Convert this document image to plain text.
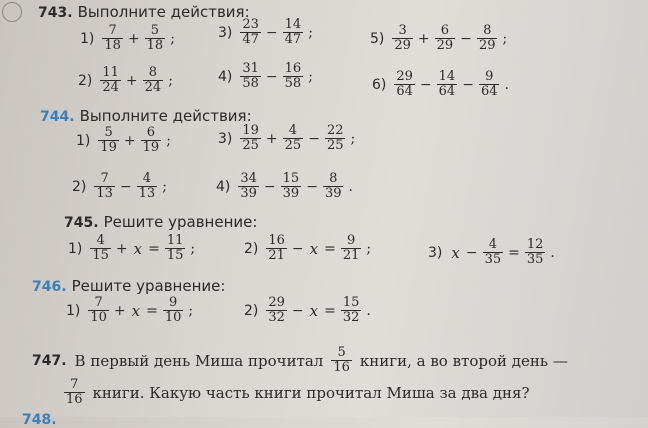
743. Выполните действия:
$1) \frac{7}{18} + \frac{5}{18}$ ;	$3) \frac{23}{47} - \frac{14}{47}$ ;	$5) \frac{3}{29} + \frac{6}{29} - \frac{8}{29}$ ;
$2) \frac{11}{24} + \frac{8}{24}$ ;	$4) \frac{31}{58} - \frac{16}{58}$ ;	$6) \frac{29}{64} - \frac{14}{64} - \frac{9}{64}$ .
744. Выполните действия:
$1) \frac{5}{19} + \frac{6}{19}$ ;	$3) \frac{19}{25} + \frac{4}{25} - \frac{22}{25}$ ;
$2) \frac{7}{13} - \frac{4}{13}$ ;	$4) \frac{34}{39} - \frac{15}{39} - \frac{8}{39}$ .
745. Решите уравнение:
$1) \frac{4}{15} + x = \frac{11}{15}$ ;	$2) \frac{16}{21} - x = \frac{9}{21}$ ;	3) $x - \frac{4}{35} = \frac{12}{35}$ .
746. Решите уравнение:
$1) \frac{7}{10} + x = \frac{9}{10}$ ;	$2) \frac{29}{32} - x = \frac{15}{32}$ .
747. В первый день Миша прочитал $\frac{5}{16}$ книги, а во второй день —
$\frac{7}{16}$ книги. Какую часть книги прочитал Миша за два дня?
748.
